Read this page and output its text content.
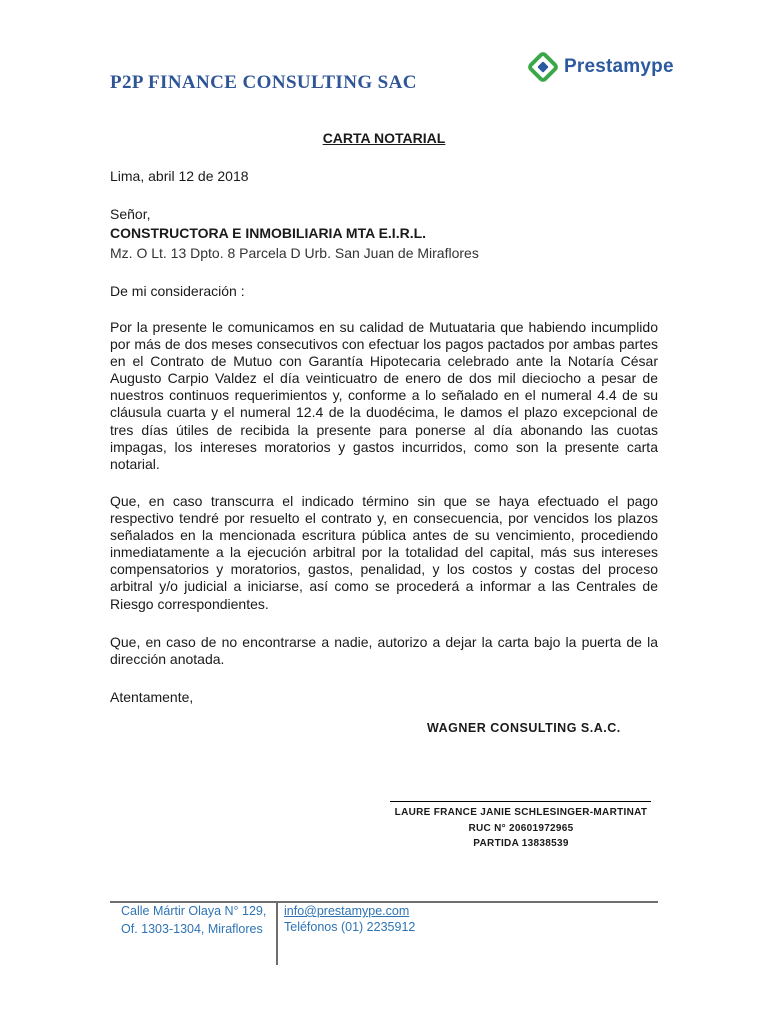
P2P FINANCE CONSULTING SAC
Prestamype
CARTA NOTARIAL
Lima, abril 12 de 2018
Señor,
CONSTRUCTORA E INMOBILIARIA MTA E.I.R.L.
Mz. O Lt. 13 Dpto. 8 Parcela D Urb. San Juan de Miraflores
De mi consideración :
Por la presente le comunicamos en su calidad de Mutuataria que habiendo incumplido por más de dos meses consecutivos con efectuar los pagos pactados por ambas partes en el Contrato de Mutuo con Garantía Hipotecaria celebrado ante la Notaría César Augusto Carpio Valdez el día veinticuatro de enero de dos mil dieciocho a pesar de nuestros continuos requerimientos y, conforme a lo señalado en el numeral 4.4 de su cláusula cuarta y el numeral 12.4 de la duodécima, le damos el plazo excepcional de tres días útiles de recibida la presente para ponerse al día abonando las cuotas impagas, los intereses moratorios y gastos incurridos, como son la presente carta notarial.
Que, en caso transcurra el indicado término sin que se haya efectuado el pago respectivo tendré por resuelto el contrato y, en consecuencia, por vencidos los plazos señalados en la mencionada escritura pública antes de su vencimiento, procediendo inmediatamente a la ejecución arbitral por la totalidad del capital, más sus intereses compensatorios y moratorios, gastos, penalidad, y los costos y costas del proceso arbitral y/o judicial a iniciarse, así como se procederá a informar a las Centrales de Riesgo correspondientes.
Que, en caso de no encontrarse a nadie, autorizo a dejar la carta bajo la puerta de la dirección anotada.
Atentamente,
WAGNER CONSULTING S.A.C.
LAURE FRANCE JANIE SCHLESINGER-MARTINAT
RUC N° 20601972965
PARTIDA 13838539
Calle Mártir Olaya N° 129,
Of. 1303-1304, Miraflores
info@prestamype.com
Teléfonos (01) 2235912
